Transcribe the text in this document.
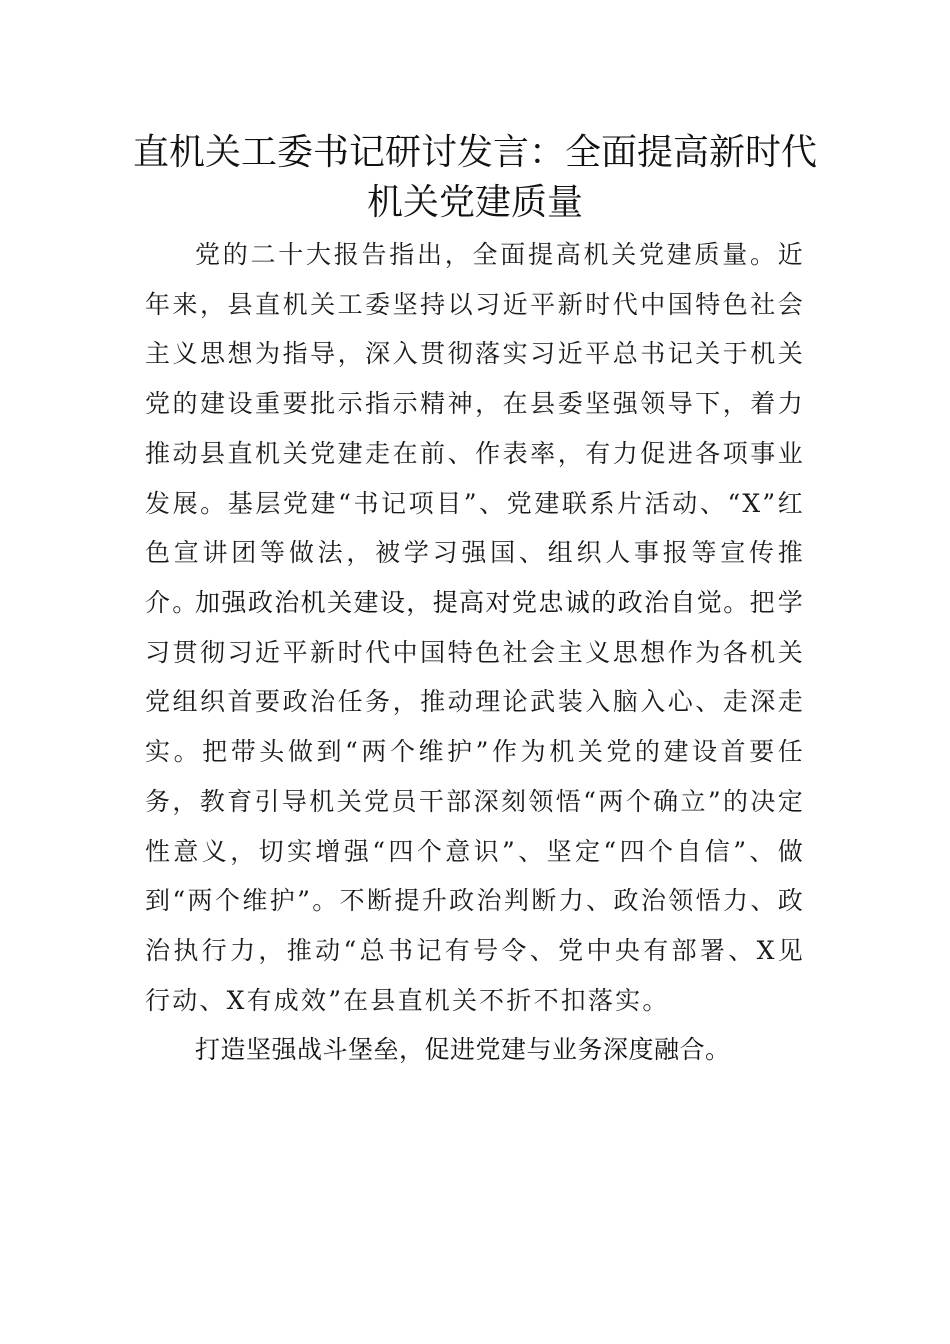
直机关工委书记研讨发言：全面提高新时代机关党建质量

党的二十大报告指出，全面提高机关党建质量。近年来，县直机关工委坚持以习近平新时代中国特色社会主义思想为指导，深入贯彻落实习近平总书记关于机关党的建设重要批示指示精神，在县委坚强领导下，着力推动县直机关党建走在前、作表率，有力促进各项事业发展。基层党建“书记项目”、党建联系片活动、“X”红色宣讲团等做法，被学习强国、组织人事报等宣传推介。

加强政治机关建设，提高对党忠诚的政治自觉。把学习贯彻习近平新时代中国特色社会主义思想作为各机关党组织首要政治任务，推动理论武装入脑入心、走深走实。把带头做到“两个维护”作为机关党的建设首要任务，教育引导机关党员干部深刻领悟“两个确立”的决定性意义，切实增强“四个意识”、坚定“四个自信”、做到“两个维护”。不断提升政治判断力、政治领悟力、政治执行力，推动“总书记有号令、党中央有部署、X见行动、X有成效”在县直机关不折不扣落实。

打造坚强战斗堡垒，促进党建与业务深度融合。
